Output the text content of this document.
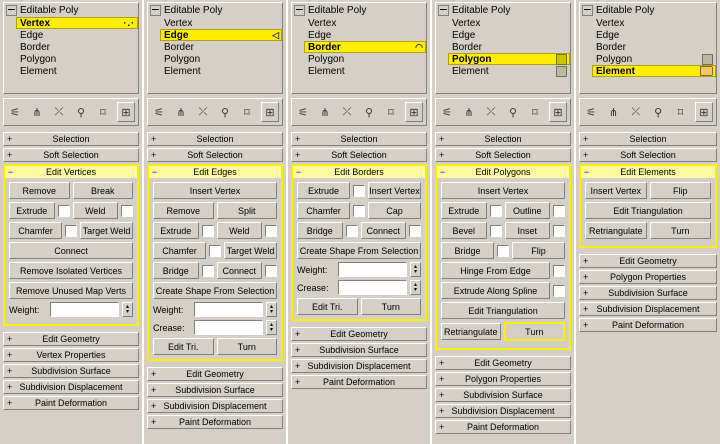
Editable Poly
Vertex	·.·
Edge
Border
Polygon
Element
⚟	⋔	⤫	⚲	⌑	⊞
+	Selection
+	Soft Selection
−	Edit Vertices
Remove	Break
Extrude	Weld
Chamfer	Target Weld
Connect
Remove Isolated Vertices
Remove Unused Map Verts
Weight:	▴
▾
+	Edit Geometry
+	Vertex Properties
+ Subdivision Surface
+ Subdivision Displacement
+	Paint Deformation
Editable Poly
Vertex
Edge	◁
Border
Polygon
Element
⚟	⋔	⤫	⚲	⌑	⊞
+	Selection
+	Soft Selection
−	Edit Edges
Insert Vertex
Remove	Split
Extrude	Weld
Chamfer	Target Weld
Bridge	Connect
Create Shape From Selection
Weight:	▴
▾
Crease:	▴
▾
Edit Tri.	Turn
+	Edit Geometry
+ Subdivision Surface
+ Subdivision Displacement
+	Paint Deformation
Editable Poly
Vertex
Edge
Border	◠
Polygon
Element
⚟	⋔	⤫	⚲	⌑	⊞
+	Selection
+	Soft Selection
−	Edit Borders
Extrude	Insert Vertex
Chamfer	Cap
Bridge	Connect
Create Shape From Selection
Weight:	▴
▾
Crease:	▴
▾
Edit Tri.	Turn
+	Edit Geometry
+ Subdivision Surface
+ Subdivision Displacement
+	Paint Deformation
Editable Poly
Vertex
Edge
Border
Polygon
Element
⚟	⋔	⤫	⚲	⌑	⊞
+	Selection
+	Soft Selection
−	Edit Polygons
Insert Vertex
Extrude	Outline
Bevel	Inset
Bridge	Flip
Hinge From Edge
Extrude Along Spline
Edit Triangulation
Retriangulate	Turn
+	Edit Geometry
+ Polygon Properties
+ Subdivision Surface
+ Subdivision Displacement
+	Paint Deformation
Editable Poly
Vertex
Edge
Border
Polygon
Element
⚟	⋔	⤫	⚲	⌑	⊞
+	Selection
+	Soft Selection
−	Edit Elements
Insert Vertex	Flip
Edit Triangulation
Retriangulate	Turn
+	Edit Geometry
+ Polygon Properties
+ Subdivision Surface
+ Subdivision Displacement
+	Paint Deformation
